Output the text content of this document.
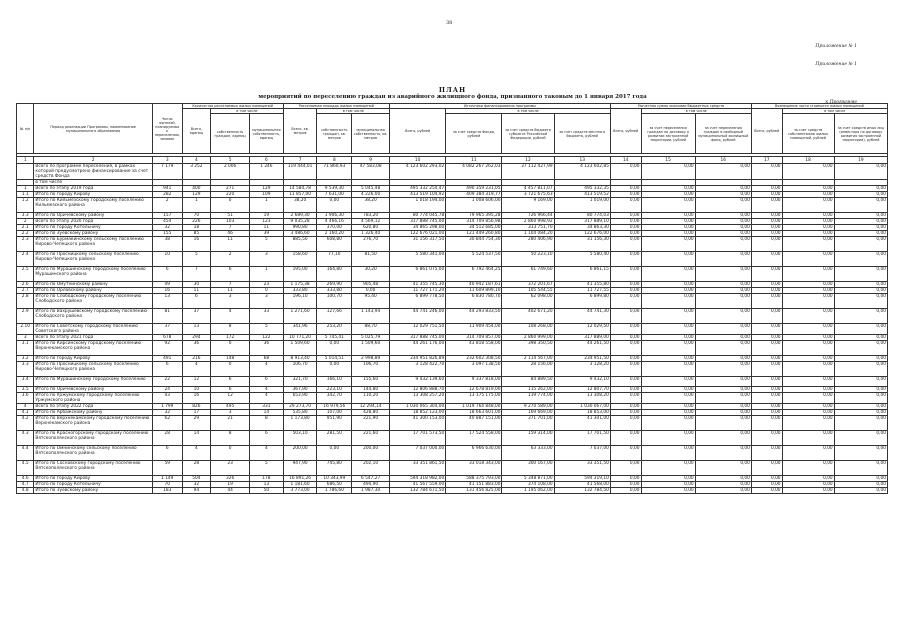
38
Приложение № 1
Приложение № 1
к Программе
ПЛАН
мероприятий по переселению граждан из аварийного жилищного фонда, признанного таковым до 1 января 2017 года
№ п/п	Период реализации Программы, наименование муниципального образования	Число жителей, планируемых к переселению, человек	Количество расселяемых жилых помещений			Расселяемая площадь жилых помещений			Источники финансирования программы				Расчетная сумма экономии бюджетных средств			Возмещение части стоимости жилых помещений		
			Всего, единиц	в том числе		Всего, кв. метров	в том числе		Всего, рублей	в том числе			Всего, рублей	в том числе		Всего, рублей	в том числе	
				собственность граждан, единиц	муниципальная собственность, единиц		собственность граждан, кв. метров	муниципальная собственность, кв. метров		за счет средств Фонда, рублей	за счет средств бюджета субъекта Российской Федерации, рублей	за счет средств местного бюджета, рублей		за счет переселения граждан по договору о развитии застроенной территории, рублей	за счет переселения граждан в свободный муниципальный жилищный фонд, рублей		за счет средств собственников жилых помещений, рублей	за счет средств иных лиц (инвестора по договору развития застроенной территории), рублей

1	2	3	4	5	6	7	8	9	10	11	12	13	14	15	16	17	18	19
	Всего по программе переселения, в рамках которой предусмотрено финансирование за счет средств Фонда	7 179	3 252	2 006	1 246	119 444,01	71 860,93	47 583,08	4 123 602 293,02	4 082 267 262,03	37 112 427,99	4 123 602,85	0,00	0,00	0,00	0,00	0,00	0,00
	в том числе																	
1	Всего по этапу 2019 года	941	400	271	129	14 584,78	9 539,30	5 045,48	495 332 254,47	490 359 231,05	4 457 811,07	495 332,35	0,00	0,00	0,00	0,00	0,00	0,00
1.1	Итого по городу Кирову	282	129	220	109	11 857,00	7 631,00	4 226,00	413 519 104,92	409 384 319,77	3 721 675,63	413 519,52	0,00	0,00	0,00	0,00	0,00	0,00
1.2	Итого по Кильмезскому городскому поселению Кильмезского района	2	1	0	1	38,20	0,00	38,20	1 018 194,00	1 008 606,00	9 169,00	1 019,00	0,00	0,00	0,00	0,00	0,00	0,00
3.3	Итого по Оричевскому району	157	70	51	19	2 689,30	1 906,30	783,20	80 774 045,78	79 965 395,28	726 966,44	80 774,03	0,00	0,00	0,00	0,00	0,00	0,00
2	Всего по этапу 2020 года	454	226	103	123	9 035,28	4 466,16	4 569,12	317 888 745,00	314 709 856,98	2 860 998,92	317 889,10	0,00	0,00	0,00	0,00	0,00	0,00
2.1	Итого по городу Котельничу	32	18	7	11	990,80	370,00	620,80	34 865 298,00	34 512 685,00	313 751,70	34 863,30	0,00	0,00	0,00	0,00	0,00	0,00
2.2	Итого по Зуевскому району	155	85	46	39	3 486,60	2 160,20	1 326,40	122 676 021,00	121 449 260,80	1 104 084,20	122 676,00	0,00	0,00	0,00	0,00	0,00	0,00
2.3	Итого по Бурмакинскому сельскому поселению Кирово-Чепецкого района	38	16	11	5	885,50	608,80	276,70	31 156 317,50	30 844 754,30	280 406,90	31 156,30	0,00	0,00	0,00	0,00	0,00	0,00
2.4	Итого по Просницкому сельскому поселению Кирово-Чепецкого района	10	5	2	3	158,60	77,10	81,50	5 580 341,00	5 524 537,50	50 223,10	5 580,40	0,00	0,00	0,00	0,00	0,00	0,00
2.5	Итого по Мурашинскому городскому поселению Мурашинского района	6	7	6	1	195,00	164,80	30,20	6 861 075,00	6 792 464,25	61 749,60	6 861,15	0,00	0,00	0,00	0,00	0,00	0,00
2.6	Итого по Омутнинскому району	49	30	7	23	1 175,38	269,90	905,48	41 355 745,30	40 942 187,61	372 201,67	41 355,80	0,00	0,00	0,00	0,00	0,00	0,00
2.7	Итого по Орловскому району	16	11	11	0	333,80	333,80	0,00	11 727 171,20	11 609 899,10	105 544,55	11 727,55	0,00	0,00	0,00	0,00	0,00	0,00
2.8	Итого по Слободскому городскому поселению Слободского района	13	6	3	3	196,10	100,70	95,40	6 899 778,50	6 830 780,70	62 098,00	6 899,80	0,00	0,00	0,00	0,00	0,00	0,00
2.9	Итого по Вахрушевскому городскому поселению Слободского района	81	37	4	33	1 271,60	127,66	1 143,94	44 741 246,00	44 293 833,50	402 671,20	44 741,30	0,00	0,00	0,00	0,00	0,00	0,00
2.10	Итого по Советскому городскому поселению Советского района	37	13	8	5	341,96	253,20	88,70	12 029 751,50	11 909 454,00	108 268,00	12 029,50	0,00	0,00	0,00	0,00	0,00	0,00
3	Всего по этапу 2021 года	678	294	172	122	10 771,20	5 745,41	5 025,79	317 888 745,00	314 709 857,00	2 860 999,00	317 889,00	0,00	0,00	0,00	0,00	0,00	0,00
3.1	Итого по Кирсинскому городскому поселению Верхнекамского района	92	36	0	36	1 509,60	0,00	1 509,60	44 261 176,00	43 818 558,00	398 350,50	44 261,50	0,00	0,00	0,00	0,00	0,00	0,00
3.2	Итого по городу Кирову	491	216	148	68	8 913,40	5 014,51	2 998,89	234 951 826,89	232 602 308,50	2 114 567,00	234 951,50	0,00	0,00	0,00	0,00	0,00	0,00
3.3	Итого по Просницкому сельскому поселению Кирово-Чепецкого района	6	4	0	4	106,70	0,00	106,70	3 128 422,70	3 097 138,50	28 156,00	3 128,20	0,00	0,00	0,00	0,00	0,00	0,00
3.4	Итого по Мурашинскому городскому поселению	22	12	6	6	321,70	166,10	155,60	9 432 139,60	9 337 818,00	84 889,50	9 432,10	0,00	0,00	0,00	0,00	0,00	0,00
3.5	Итого по Оричевскому району	24	10	6	4	367,90	223,10	144,80	12 806 888,70	12 678 819,00	115 262,00	12 807,70	0,00	0,00	0,00	0,00	0,00	0,00
3.6	Итого по Уржумскому городскому поселению Уржумского района	43	16	12	4	653,90	342,70	110,20	13 308 257,20	13 175 175,00	119 774,00	13 308,20	0,00	0,00	0,00	0,00	0,00	0,00
4	Всего по этапу 2022 года	1 799	826	495	331	29 273,70	16 979,56	12 294,14	1 030 065 304,00	1 019 764 848,00	9 270 589,00	1 030 067,00	0,00	0,00	0,00	0,00	0,00	0,00
4.1	Итого по Арбажскому району	32	17	3	14	535,80	107,00	428,80	18 852 123,00	18 663 601,00	169 669,00	18 853,00	0,00	0,00	0,00	0,00	0,00	0,00
4.2	Итого по Верхнекамскому городскому поселению Верхнекамского района	62	29	21	8	1 173,80	951,90	221,90	41 300 153,00	40 887 151,00	371 701,00	41 301,00	0,00	0,00	0,00	0,00	0,00	0,00
4.3	Итого по Красногорскому городскому поселению Вятскополянского района	28	14	8	6	503,10	281,50	221,60	17 701 573,50	17 524 558,00	159 314,00	17 701,50	0,00	0,00	0,00	0,00	0,00	0,00
4.4	Итого по Омнинскому сельскому поселению Вятскополянского района	6	4	0	4	200,00	0,00	200,00	7 037 000,00	6 966 630,00	63 333,00	7 037,00	0,00	0,00	0,00	0,00	0,00	0,00
4.5	Итого по Сосновскому городскому поселению Вятскополянского района	59	28	23	5	947,90	745,80	202,10	33 351 861,50	33 018 343,00	300 167,00	33 351,50	0,00	0,00	0,00	0,00	0,00	0,00
4.6	Итого по городу Кирову	1 149	504	326	178	16 891,26	10 343,99	6 547,27	594 318 982,00	588 375 793,00	5 348 871,00	594 319,10	0,00	0,00	0,00	0,00	0,00	0,00
4.7	Итого по городу Котельничу	70	32	19	13	1 181,60	686,50	494,90	41 567 559,00	41 151 883,00	374 108,00	41 568,00	0,00	0,00	0,00	0,00	0,00	0,00
4.8	Итого по Зуевскому району	183	94	44	50	3 773,00	1 786,60	1 987,30	132 784 671,50	131 456 825,00	1 195 062,00	132 784,50	0,00	0,00	0,00	0,00	0,00	0,00
